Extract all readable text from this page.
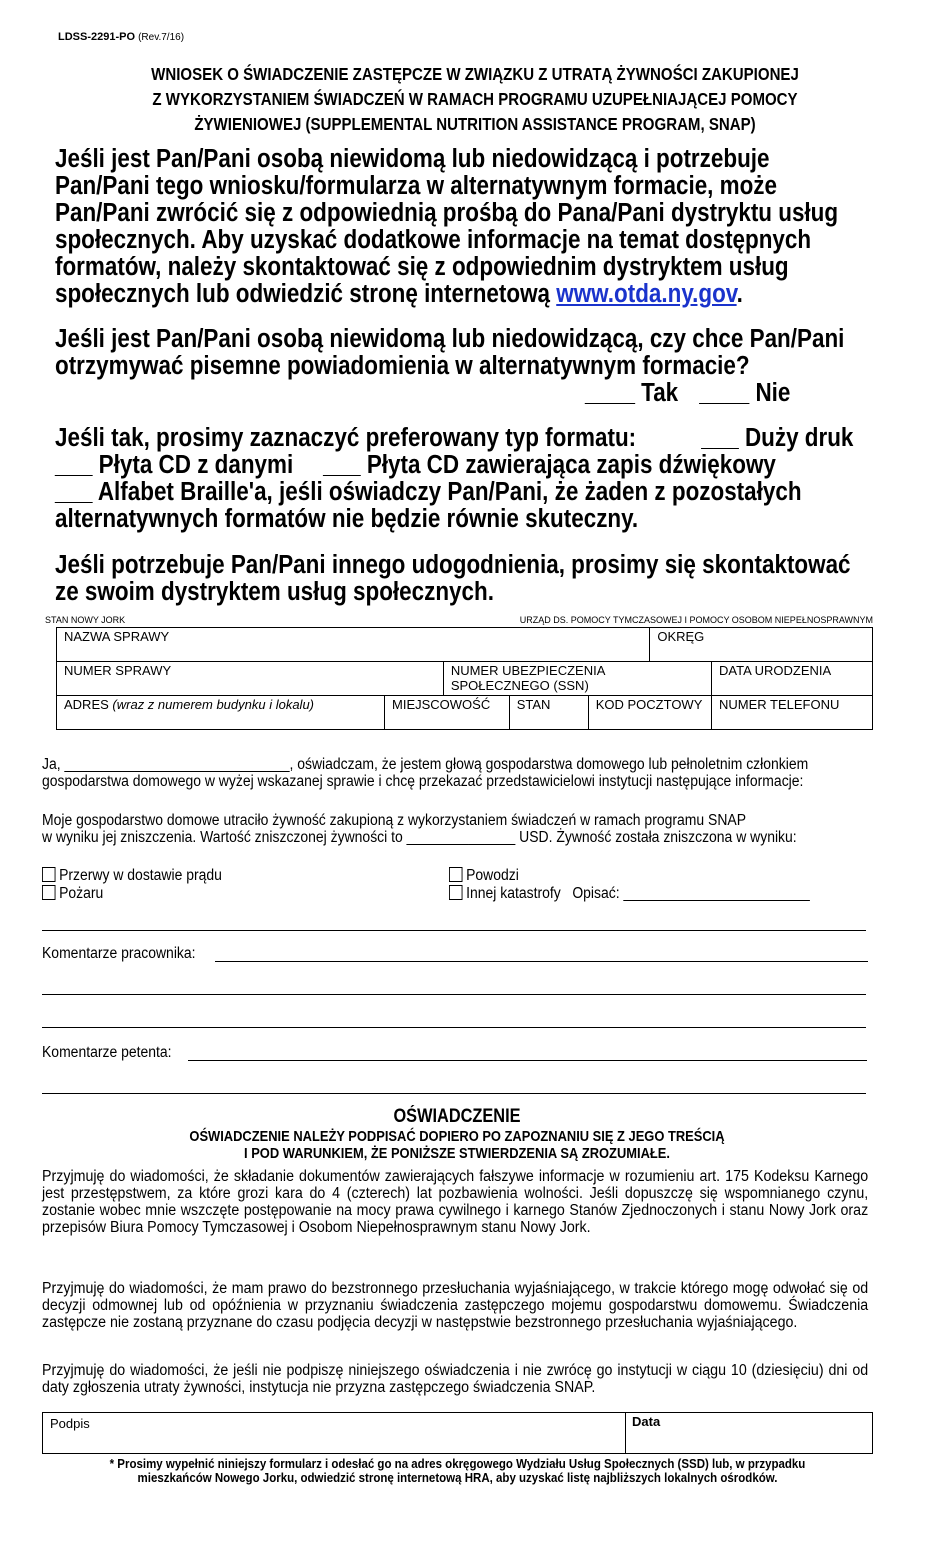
LDSS-2291-PO (Rev.7/16)
WNIOSEK O ŚWIADCZENIE ZASTĘPCZE W ZWIĄZKU Z UTRATĄ ŻYWNOŚCI ZAKUPIONEJ
Z WYKORZYSTANIEM ŚWIADCZEŃ W RAMACH PROGRAMU UZUPEŁNIAJĄCEJ POMOCY
ŻYWIENIOWEJ (SUPPLEMENTAL NUTRITION ASSISTANCE PROGRAM, SNAP)
Jeśli jest Pan/Pani osobą niewidomą lub niedowidzącą i potrzebuje
Pan/Pani tego wniosku/formularza w alternatywnym formacie, może
Pan/Pani zwrócić się z odpowiednią prośbą do Pana/Pani dystryktu usług
społecznych. Aby uzyskać dodatkowe informacje na temat dostępnych
formatów, należy skontaktować się z odpowiednim dystryktem usług
społecznych lub odwiedzić stronę internetową www.otda.ny.gov.
Jeśli jest Pan/Pani osobą niewidomą lub niedowidzącą, czy chce Pan/Pani
otrzymywać pisemne powiadomienia w alternatywnym formacie?
____ Tak ____ Nie
Jeśli tak, prosimy zaznaczyć preferowany typ formatu:	___ Duży druk
___ Płyta CD z danymi ___ Płyta CD zawierająca zapis dźwiękowy
___ Alfabet Braille'a, jeśli oświadczy Pan/Pani, że żaden z pozostałych
alternatywnych formatów nie będzie równie skuteczny.
Jeśli potrzebuje Pan/Pani innego udogodnienia, prosimy się skontaktować
ze swoim dystryktem usług społecznych.
STAN NOWY JORK	URZĄD DS. POMOCY TYMCZASOWEJ I POMOCY OSOBOM NIEPEŁNOSPRAWNYM
NAZWA SPRAWY					OKRĘG	
NUMER SPRAWY		NUMER UBEZPIECZENIA SPOŁECZNEGO (SSN)				DATA URODZENIA
ADRES (wraz z numerem budynku i lokalu)	MIEJSCOWOŚĆ		STAN	KOD POCZTOWY		NUMER TELEFONU
Ja, _____________________________, oświadczam, że jestem głową gospodarstwa domowego lub pełnoletnim członkiem
gospodarstwa domowego w wyżej wskazanej sprawie i chcę przekazać przedstawicielowi instytucji następujące informacje:
Moje gospodarstwo domowe utraciło żywność zakupioną z wykorzystaniem świadczeń w ramach programu SNAP
w wyniku jej zniszczenia. Wartość zniszczonej żywności to ______________ USD. Żywność została zniszczona w wyniku:
Przerwy w dostawie prądu
Pożaru
Powodzi
Innej katastrofy Opisać: ________________________
Komentarze pracownika:
Komentarze petenta:
OŚWIADCZENIE
OŚWIADCZENIE NALEŻY PODPISAĆ DOPIERO PO ZAPOZNANIU SIĘ Z JEGO TREŚCIĄ
I POD WARUNKIEM, ŻE PONIŻSZE STWIERDZENIA SĄ ZROZUMIAŁE.
Przyjmuję do wiadomości, że składanie dokumentów zawierających fałszywe informacje w rozumieniu art. 175 Kodeksu Karnego jest przestępstwem, za które grozi kara do 4 (czterech) lat pozbawienia wolności. Jeśli dopuszczę się wspomnianego czynu, zostanie wobec mnie wszczęte postępowanie na mocy prawa cywilnego i karnego Stanów Zjednoczonych i stanu Nowy Jork oraz przepisów Biura Pomocy Tymczasowej i Osobom Niepełnosprawnym stanu Nowy Jork.
Przyjmuję do wiadomości, że mam prawo do bezstronnego przesłuchania wyjaśniającego, w trakcie którego mogę odwołać się od decyzji odmownej lub od opóźnienia w przyznaniu świadczenia zastępczego mojemu gospodarstwu domowemu. Świadczenia zastępcze nie zostaną przyznane do czasu podjęcia decyzji w następstwie bezstronnego przesłuchania wyjaśniającego.
Przyjmuję do wiadomości, że jeśli nie podpiszę niniejszego oświadczenia i nie zwrócę go instytucji w ciągu 10 (dziesięciu) dni od daty zgłoszenia utraty żywności, instytucja nie przyzna zastępczego świadczenia SNAP.
Podpis	Data
* Prosimy wypełnić niniejszy formularz i odesłać go na adres okręgowego Wydziału Usług Społecznych (SSD) lub, w przypadku
mieszkańców Nowego Jorku, odwiedzić stronę internetową HRA, aby uzyskać listę najbliższych lokalnych ośrodków.
